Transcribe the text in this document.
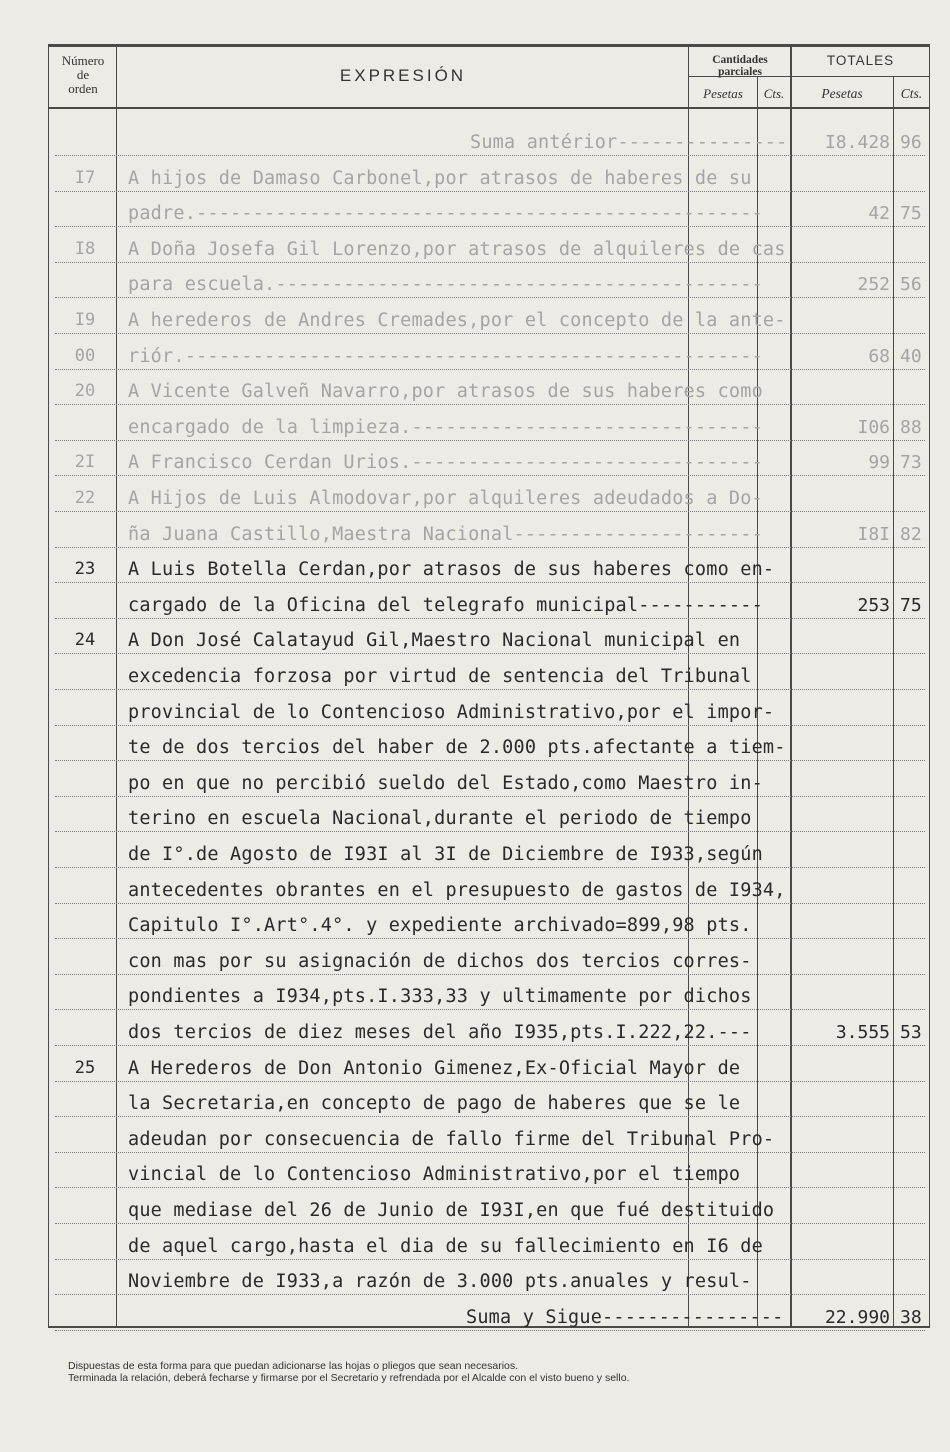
Número
de
orden
EXPRESIÓN
Cantidades parciales
TOTALES
Pesetas	Cts.	Pesetas	Cts.
Suma antérior---------------	I8.428 96
I7	A hijos de Damaso Carbonel,por atrasos de haberes de su
padre.--------------------------------------------------	42 75
I8	A Doña Josefa Gil Lorenzo,por atrasos de alquileres de cas
para escuela.-------------------------------------------	252 56
I9	A herederos de Andres Cremades,por el concepto de la ante-
00	riór.---------------------------------------------------	68 40
20	A Vicente Galveñ Navarro,por atrasos de sus haberes como
encargado de la limpieza.-------------------------------	I06 88
2I	A Francisco Cerdan Urios.-------------------------------	99 73
22	A Hijos de Luis Almodovar,por alquileres adeudados a Do-
ña Juana Castillo,Maestra Nacional----------------------	I8I 82
23	A Luis Botella Cerdan,por atrasos de sus haberes como en-
cargado de la Oficina del telegrafo municipal-----------	253 75
24	A Don José Calatayud Gil,Maestro Nacional municipal en
excedencia forzosa por virtud de sentencia del Tribunal
provincial de lo Contencioso Administrativo,por el impor-
te de dos tercios del haber de 2.000 pts.afectante a tiem-
po en que no percibió sueldo del Estado,como Maestro in-
terino en escuela Nacional,durante el periodo de tiempo
de I°.de Agosto de I93I al 3I de Diciembre de I933,según
antecedentes obrantes en el presupuesto de gastos de I934,
Capitulo I°.Art°.4°. y expediente archivado=899,98 pts.
con mas por su asignación de dichos dos tercios corres-
pondientes a I934,pts.I.333,33 y ultimamente por dichos
dos tercios de diez meses del año I935,pts.I.222,22.---	3.555 53
25	A Herederos de Don Antonio Gimenez,Ex-Oficial Mayor de
la Secretaria,en concepto de pago de haberes que se le
adeudan por consecuencia de fallo firme del Tribunal Pro-
vincial de lo Contencioso Administrativo,por el tiempo
que mediase del 26 de Junio de I93I,en que fué destituido
de aquel cargo,hasta el dia de su fallecimiento en I6 de
Noviembre de I933,a razón de 3.000 pts.anuales y resul-
Suma y Sigue----------------	22.990 38
Dispuestas de esta forma para que puedan adicionarse las hojas o pliegos que sean necesarios.
Terminada la relación, deberá fecharse y firmarse por el Secretario y refrendada por el Alcalde con el visto bueno y sello.
